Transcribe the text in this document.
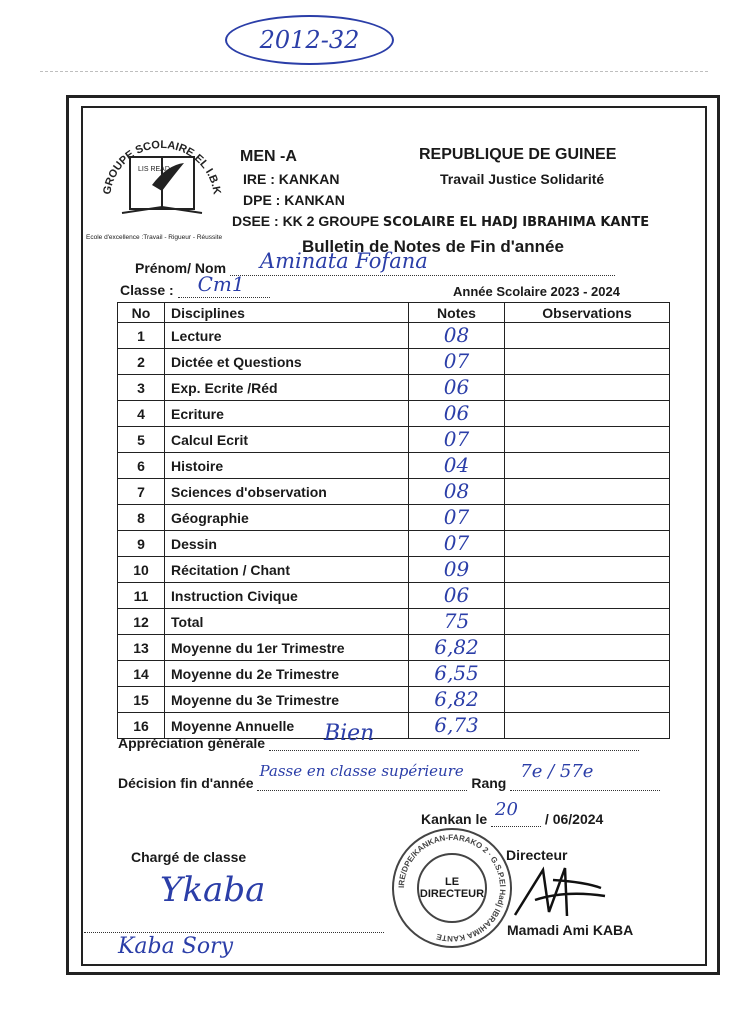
2012-32
GROUPE SCOLAIRE EL I.B.K
LIS READ
Ecole d'excellence :Travail - Rigueur - Réussite
MEN -A
IRE : KANKAN
DPE : KANKAN
DSEE : KK 2 GROUPE SCOLAIRE EL HADJ IBRAHIMA KANTE
REPUBLIQUE DE GUINEE
Travail Justice Solidarité
Bulletin de Notes de Fin d'année
Prénom/ Nom Aminata Fofana
Classe : Cm1	Année Scolaire 2023 - 2024
No	Disciplines	Notes	Observations
1	Lecture	08	
2	Dictée et Questions	07	
3	Exp. Ecrite /Réd	06	
4	Ecriture	06	
5	Calcul Ecrit	07	
6	Histoire	04	
7	Sciences d'observation	08	
8	Géographie	07	
9	Dessin	07	
10	Récitation / Chant	09	
11	Instruction Civique	06	
12	Total	75	
13	Moyenne du 1er Trimestre	6,82	
14	Moyenne du 2e Trimestre	6,55	
15	Moyenne du 3e Trimestre	6,82	
16	Moyenne Annuelle	6,73	
Appréciation générale	Bien
Décision fin d'année
Passe en classe supérieure
Rang
7e / 57e
Kankan le 20 / 06/2024
Chargé de classe
Ykaba
Kaba Sory
IRE/DPE/KANKAN-FARAKO 2 · G.S.P.El Hadj IBRAHIMA KANTE
LE DIRECTEUR
Directeur
Mamadi Ami KABA
